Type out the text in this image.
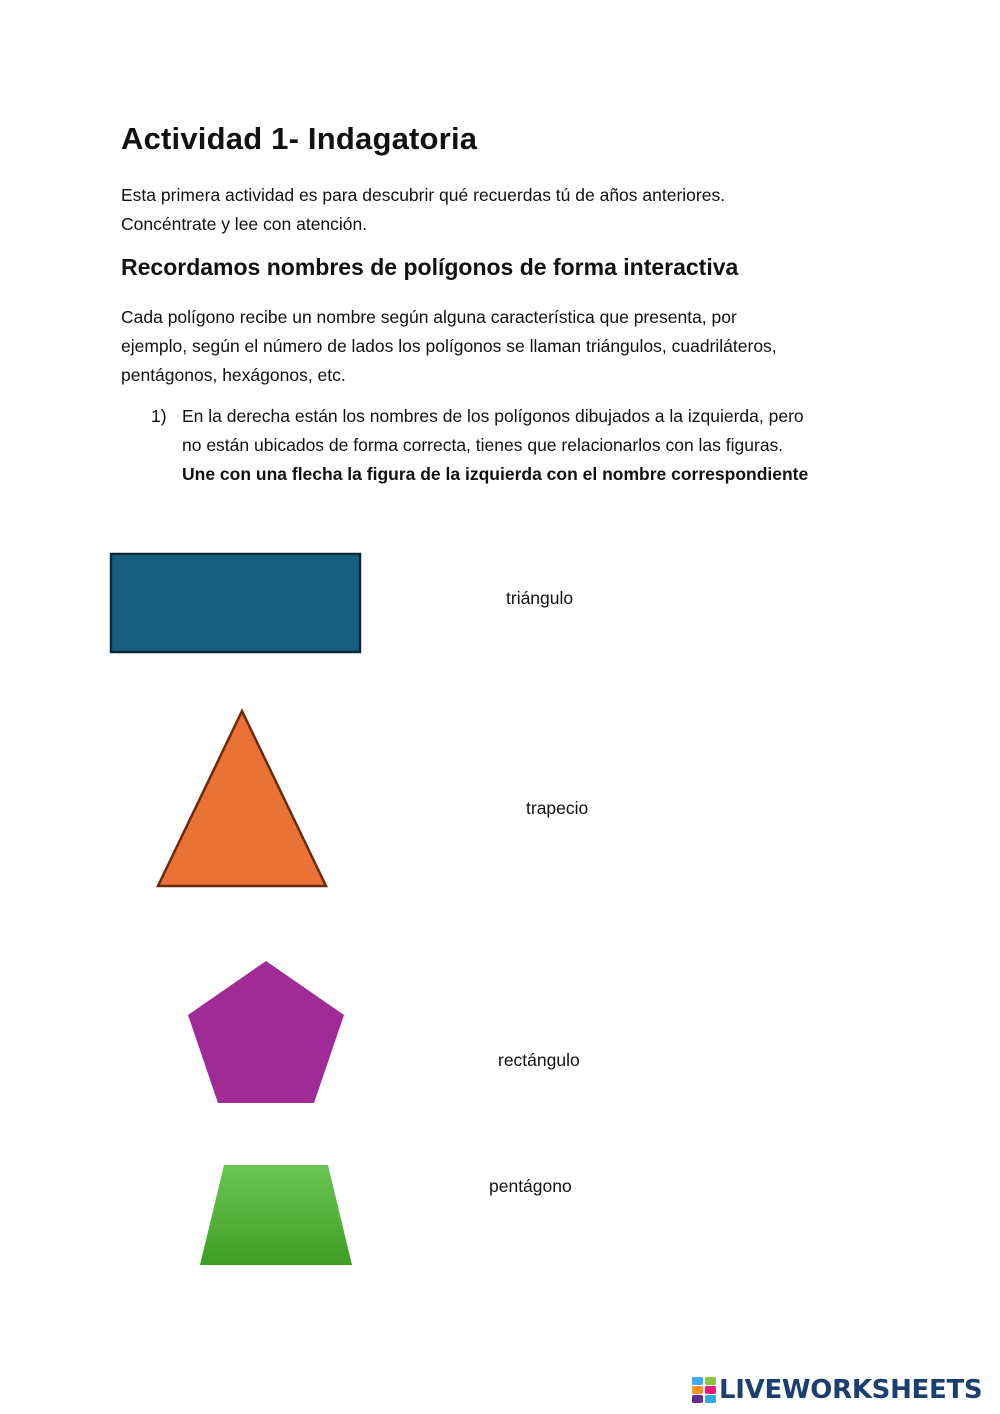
Actividad 1- Indagatoria

Esta primera actividad es para descubrir qué recuerdas tú de años anteriores.
Concéntrate y lee con atención.

Recordamos nombres de polígonos de forma interactiva

Cada polígono recibe un nombre según alguna característica que presenta, por
ejemplo, según el número de lados los polígonos se llaman triángulos, cuadriláteros,
pentágonos, hexágonos, etc.

1) En la derecha están los nombres de los polígonos dibujados a la izquierda, pero
no están ubicados de forma correcta, tienes que relacionarlos con las figuras.
Une con una flecha la figura de la izquierda con el nombre correspondiente

triángulo
trapecio
rectángulo
pentágono
LIVEWORKSHEETS
